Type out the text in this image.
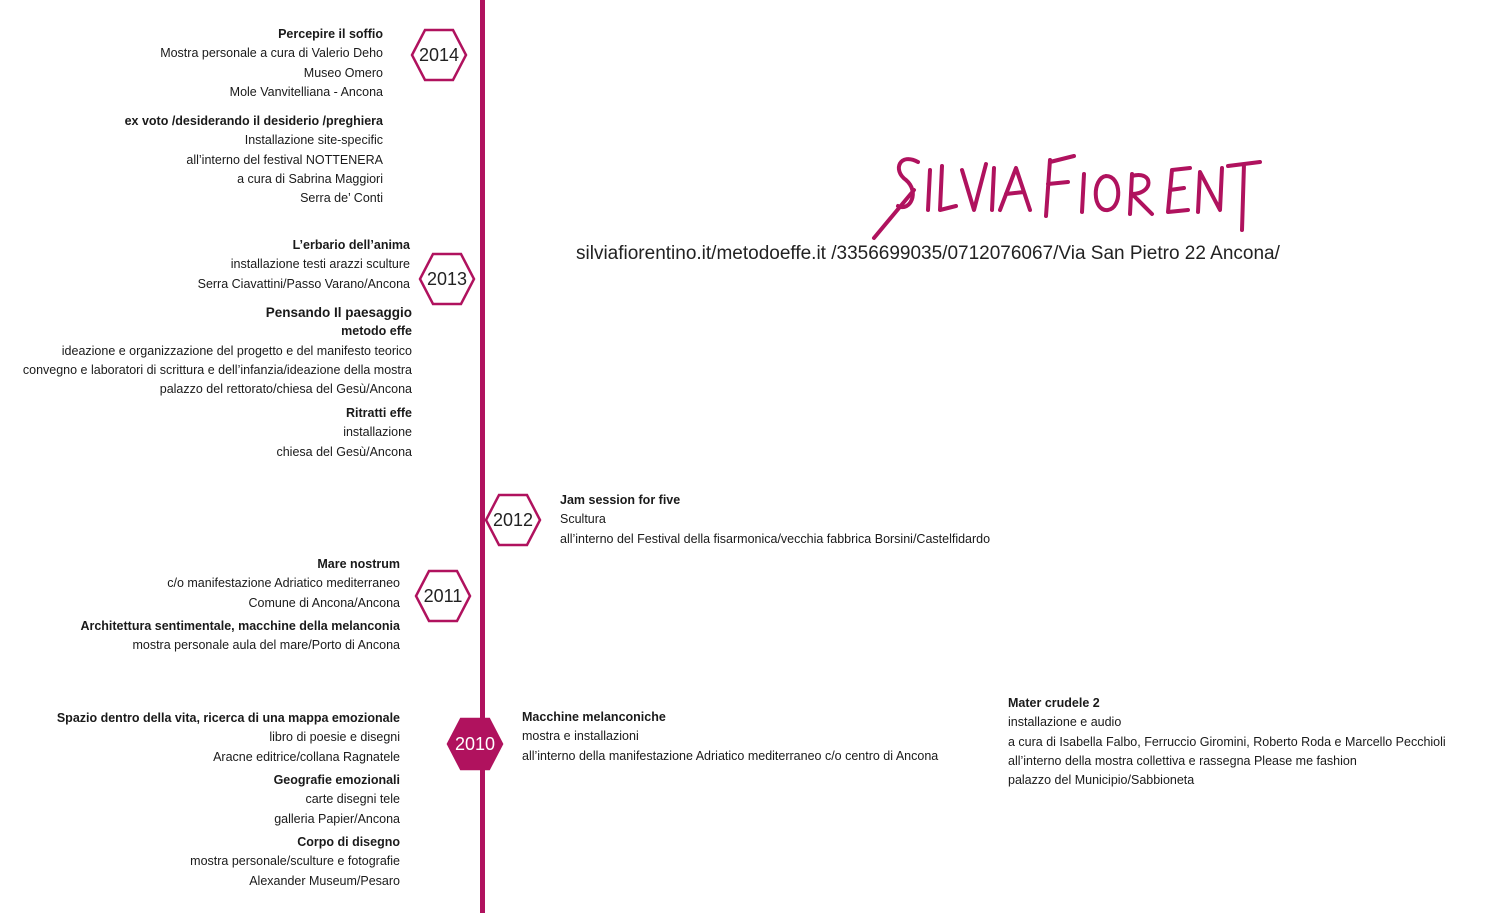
silviafiorentino.it/metodoeffe.it /3356699035/0712076067/Via San Pietro 22 Ancona/
2014
2013
2012
2011
2010
Percepire il soffio
Mostra personale a cura di Valerio Deho
Museo Omero
Mole Vanvitelliana - Ancona
ex voto /desiderando il desiderio /preghiera
Installazione site-specific
all’interno del festival NOTTENERA
a cura di Sabrina Maggiori
Serra de’ Conti
L’erbario dell’anima
installazione testi arazzi sculture
Serra Ciavattini/Passo Varano/Ancona
Pensando Il paesaggio
metodo effe
ideazione e organizzazione del progetto e del manifesto teorico
convegno e laboratori di scrittura e dell’infanzia/ideazione della mostra
palazzo del rettorato/chiesa del Gesù/Ancona
Ritratti effe
installazione
chiesa del Gesù/Ancona
Jam session for five
Scultura
all’interno del Festival della fisarmonica/vecchia fabbrica Borsini/Castelfidardo
Mare nostrum
c/o manifestazione Adriatico mediterraneo
Comune di Ancona/Ancona
Architettura sentimentale, macchine della melanconia
mostra personale aula del mare/Porto di Ancona
Spazio dentro della vita, ricerca di una mappa emozionale
libro di poesie e disegni
Aracne editrice/collana Ragnatele
Geografie emozionali
carte disegni tele
galleria Papier/Ancona
Corpo di disegno
mostra personale/sculture e fotografie
Alexander Museum/Pesaro
Macchine melanconiche
mostra e installazioni
all’interno della manifestazione Adriatico mediterraneo c/o centro di Ancona
Mater crudele 2
installazione e audio
a cura di Isabella Falbo, Ferruccio Giromini, Roberto Roda e Marcello Pecchioli
all’interno della mostra collettiva e rassegna Please me fashion
palazzo del Municipio/Sabbioneta
